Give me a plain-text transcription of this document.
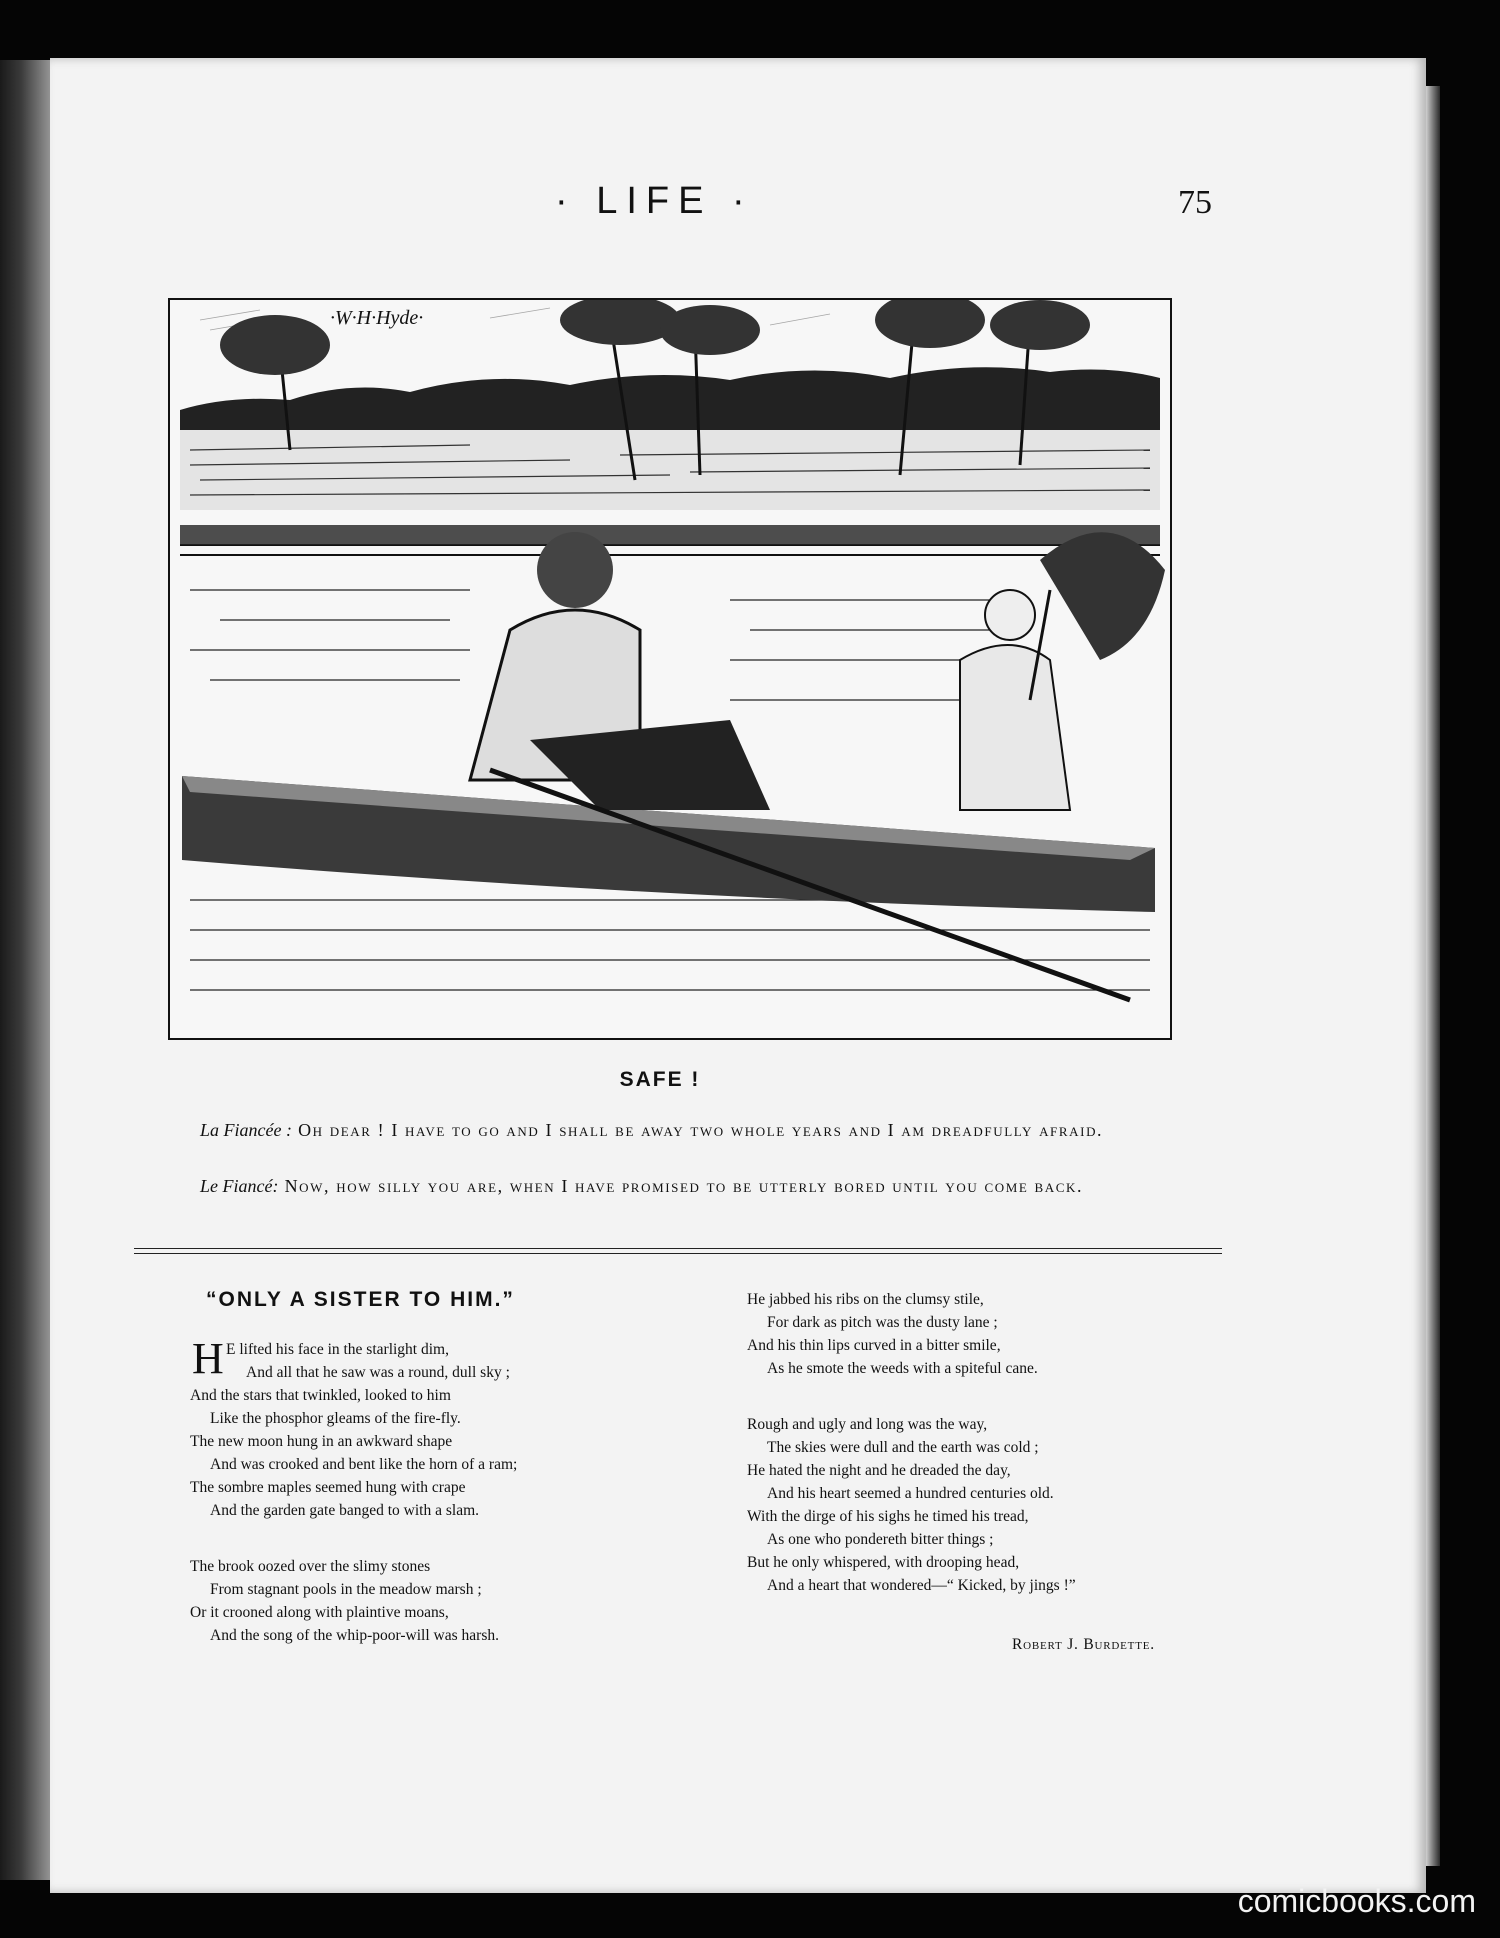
· LIFE ·	75
·W·H·Hyde·
SAFE !
La Fiancée : Oh dear ! I have to go and I shall be away two whole years and I am dreadfully afraid.
Le Fiancé: Now, how silly you are, when I have promised to be utterly bored until you come back.
“ONLY A SISTER TO HIM.”
H E lifted his face in the starlight dim,
And all that he saw was a round, dull sky ;
And the stars that twinkled, looked to him
Like the phosphor gleams of the fire-fly.
The new moon hung in an awkward shape
And was crooked and bent like the horn of a ram;
The sombre maples seemed hung with crape
And the garden gate banged to with a slam.
The brook oozed over the slimy stones
From stagnant pools in the meadow marsh ;
Or it crooned along with plaintive moans,
And the song of the whip-poor-will was harsh.
He jabbed his ribs on the clumsy stile,
For dark as pitch was the dusty lane ;
And his thin lips curved in a bitter smile,
As he smote the weeds with a spiteful cane.
Rough and ugly and long was the way,
The skies were dull and the earth was cold ;
He hated the night and he dreaded the day,
And his heart seemed a hundred centuries old.
With the dirge of his sighs he timed his tread,
As one who pondereth bitter things ;
But he only whispered, with drooping head,
And a heart that wondered—“ Kicked, by jings !”
Robert J. Burdette.
comicbooks.com
